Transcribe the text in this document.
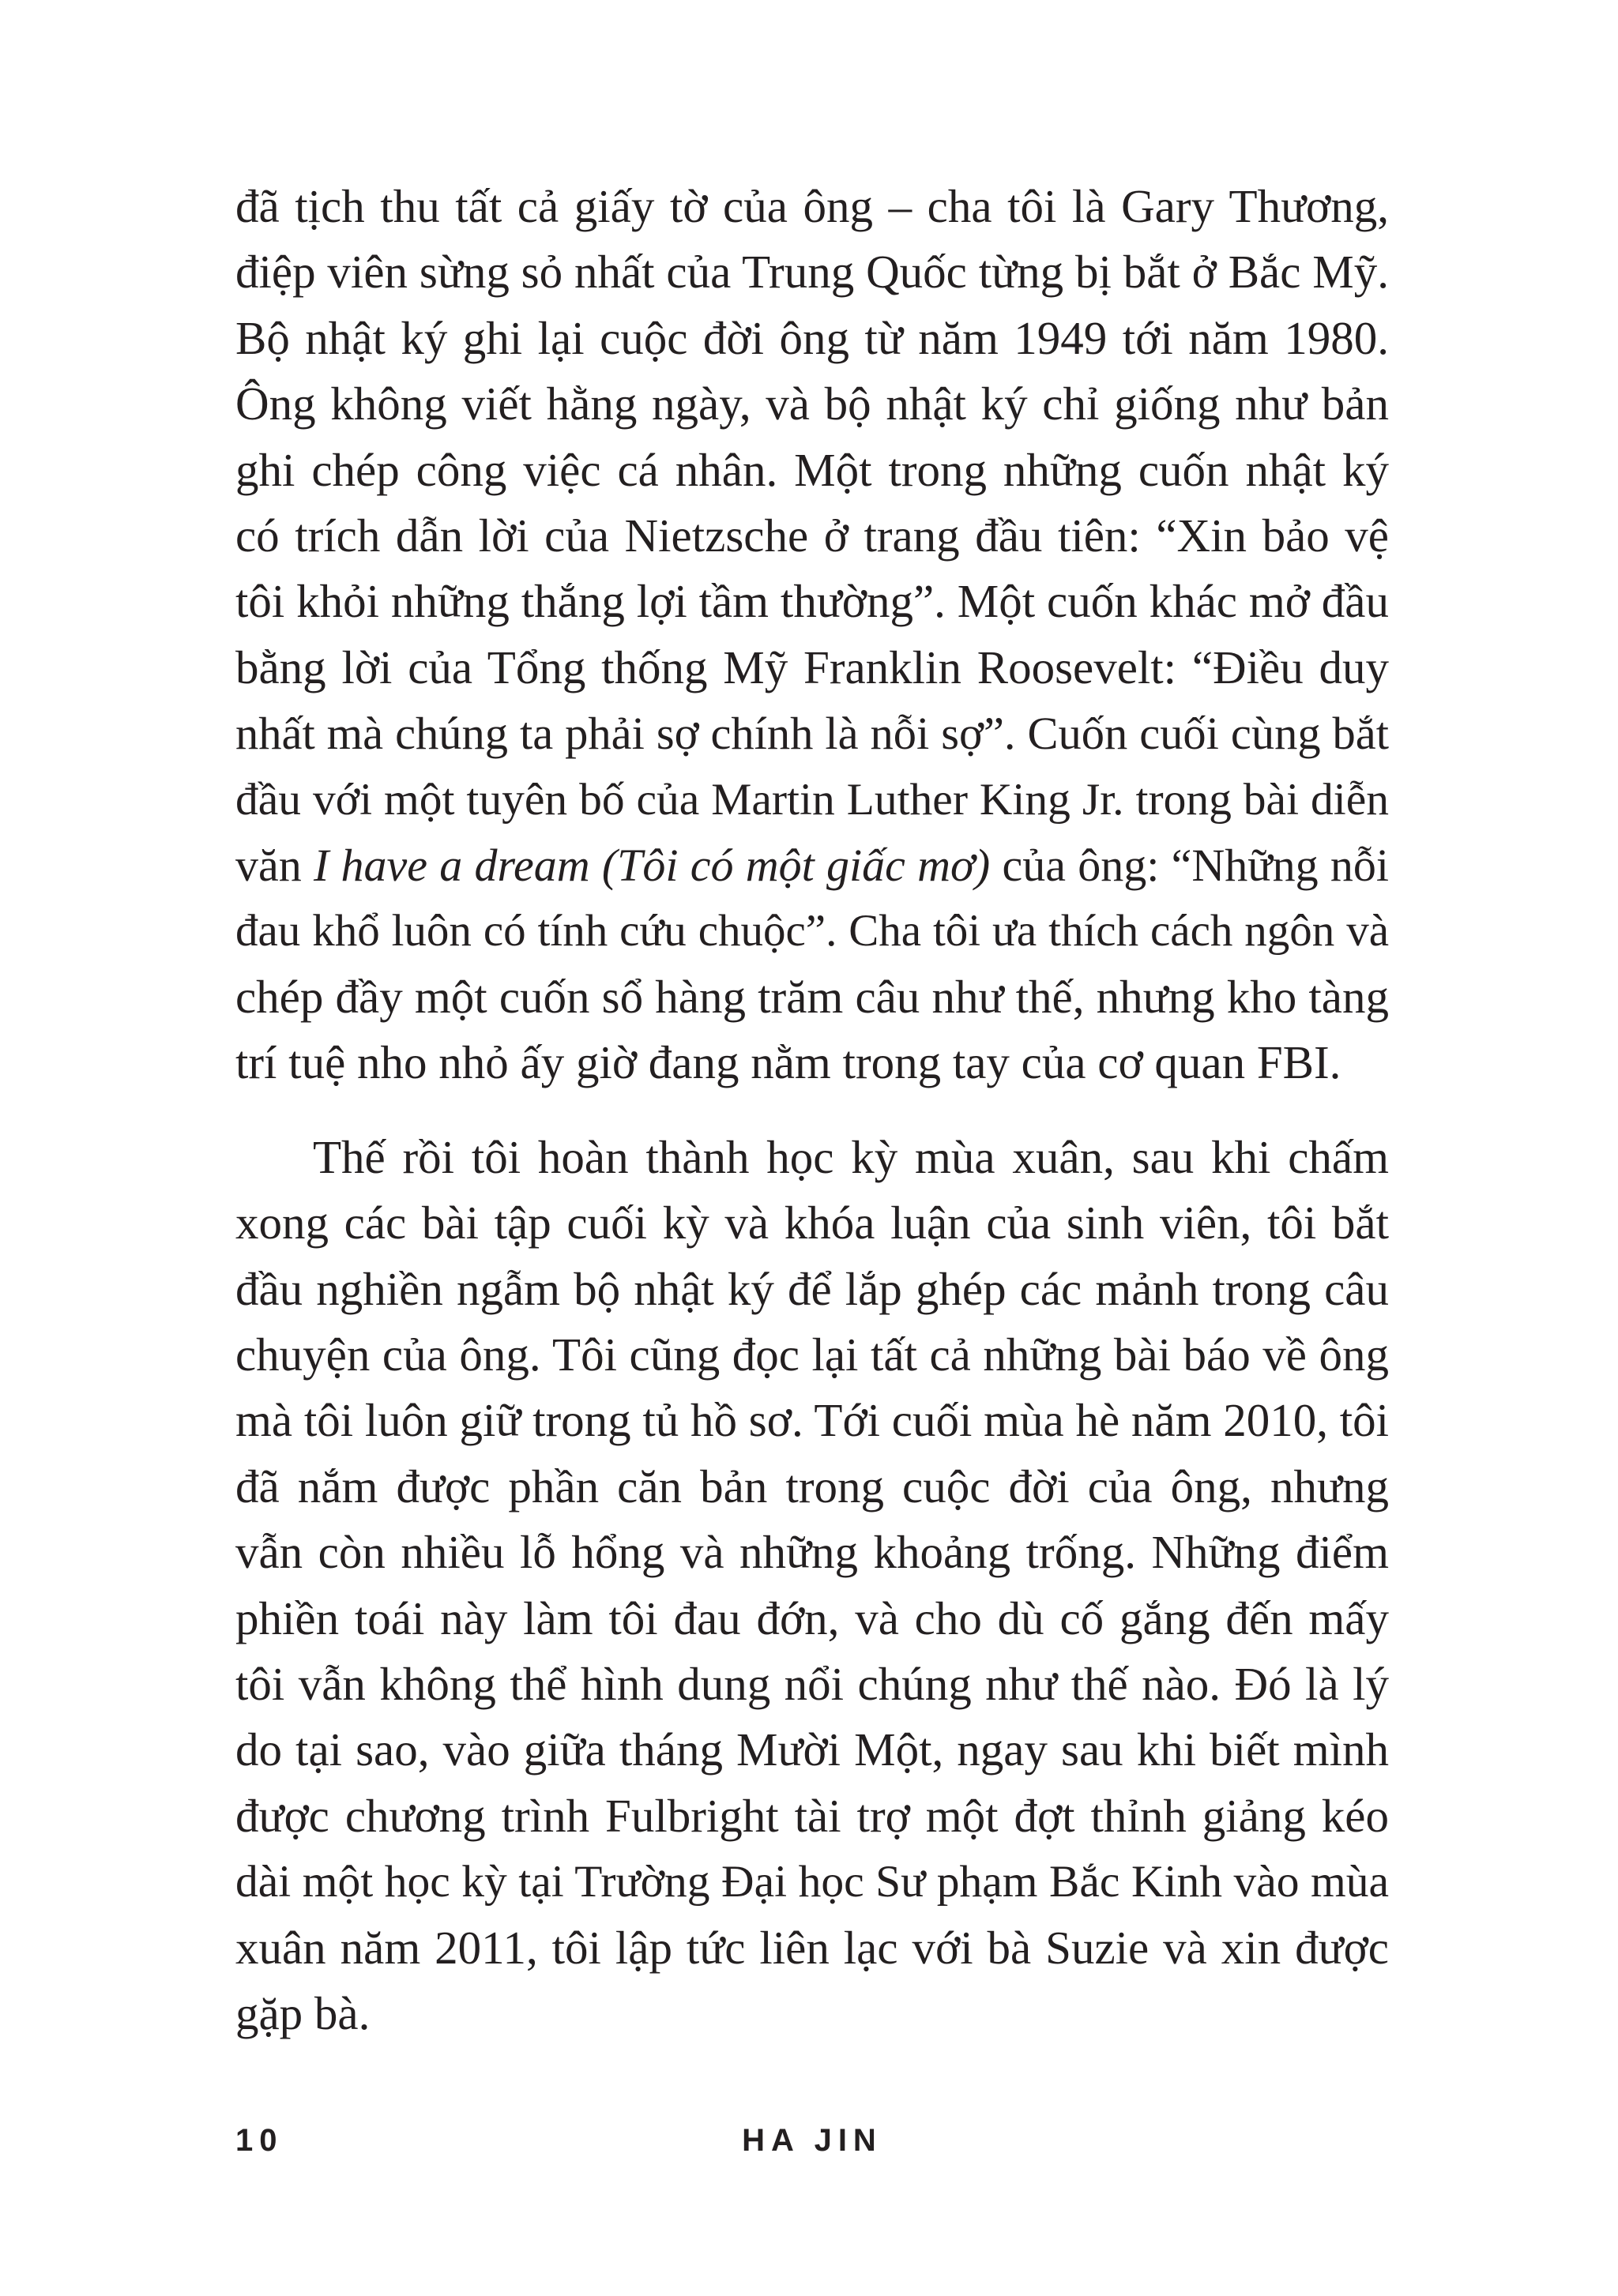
đã tịch thu tất cả giấy tờ của ông – cha tôi là Gary Thương,

điệp viên sừng sỏ nhất của Trung Quốc từng bị bắt ở Bắc Mỹ.

Bộ nhật ký ghi lại cuộc đời ông từ năm 1949 tới năm 1980.

Ông không viết hằng ngày, và bộ nhật ký chỉ giống như bản

ghi chép công việc cá nhân. Một trong những cuốn nhật ký

có trích dẫn lời của Nietzsche ở trang đầu tiên: “Xin bảo vệ

tôi khỏi những thắng lợi tầm thường”. Một cuốn khác mở đầu

bằng lời của Tổng thống Mỹ Franklin Roosevelt: “Điều duy

nhất mà chúng ta phải sợ chính là nỗi sợ”. Cuốn cuối cùng bắt

đầu với một tuyên bố của Martin Luther King Jr. trong bài diễn

văn I have a dream (Tôi có một giấc mơ) của ông: “Những nỗi

đau khổ luôn có tính cứu chuộc”. Cha tôi ưa thích cách ngôn và

chép đầy một cuốn sổ hàng trăm câu như thế, nhưng kho tàng

trí tuệ nho nhỏ ấy giờ đang nằm trong tay của cơ quan FBI.

Thế rồi tôi hoàn thành học kỳ mùa xuân, sau khi chấm

xong các bài tập cuối kỳ và khóa luận của sinh viên, tôi bắt

đầu nghiền ngẫm bộ nhật ký để lắp ghép các mảnh trong câu

chuyện của ông. Tôi cũng đọc lại tất cả những bài báo về ông

mà tôi luôn giữ trong tủ hồ sơ. Tới cuối mùa hè năm 2010, tôi

đã nắm được phần căn bản trong cuộc đời của ông, nhưng

vẫn còn nhiều lỗ hổng và những khoảng trống. Những điểm

phiền toái này làm tôi đau đớn, và cho dù cố gắng đến mấy

tôi vẫn không thể hình dung nổi chúng như thế nào. Đó là lý

do tại sao, vào giữa tháng Mười Một, ngay sau khi biết mình

được chương trình Fulbright tài trợ một đợt thỉnh giảng kéo

dài một học kỳ tại Trường Đại học Sư phạm Bắc Kinh vào mùa

xuân năm 2011, tôi lập tức liên lạc với bà Suzie và xin được

gặp bà.

10	HA JIN
